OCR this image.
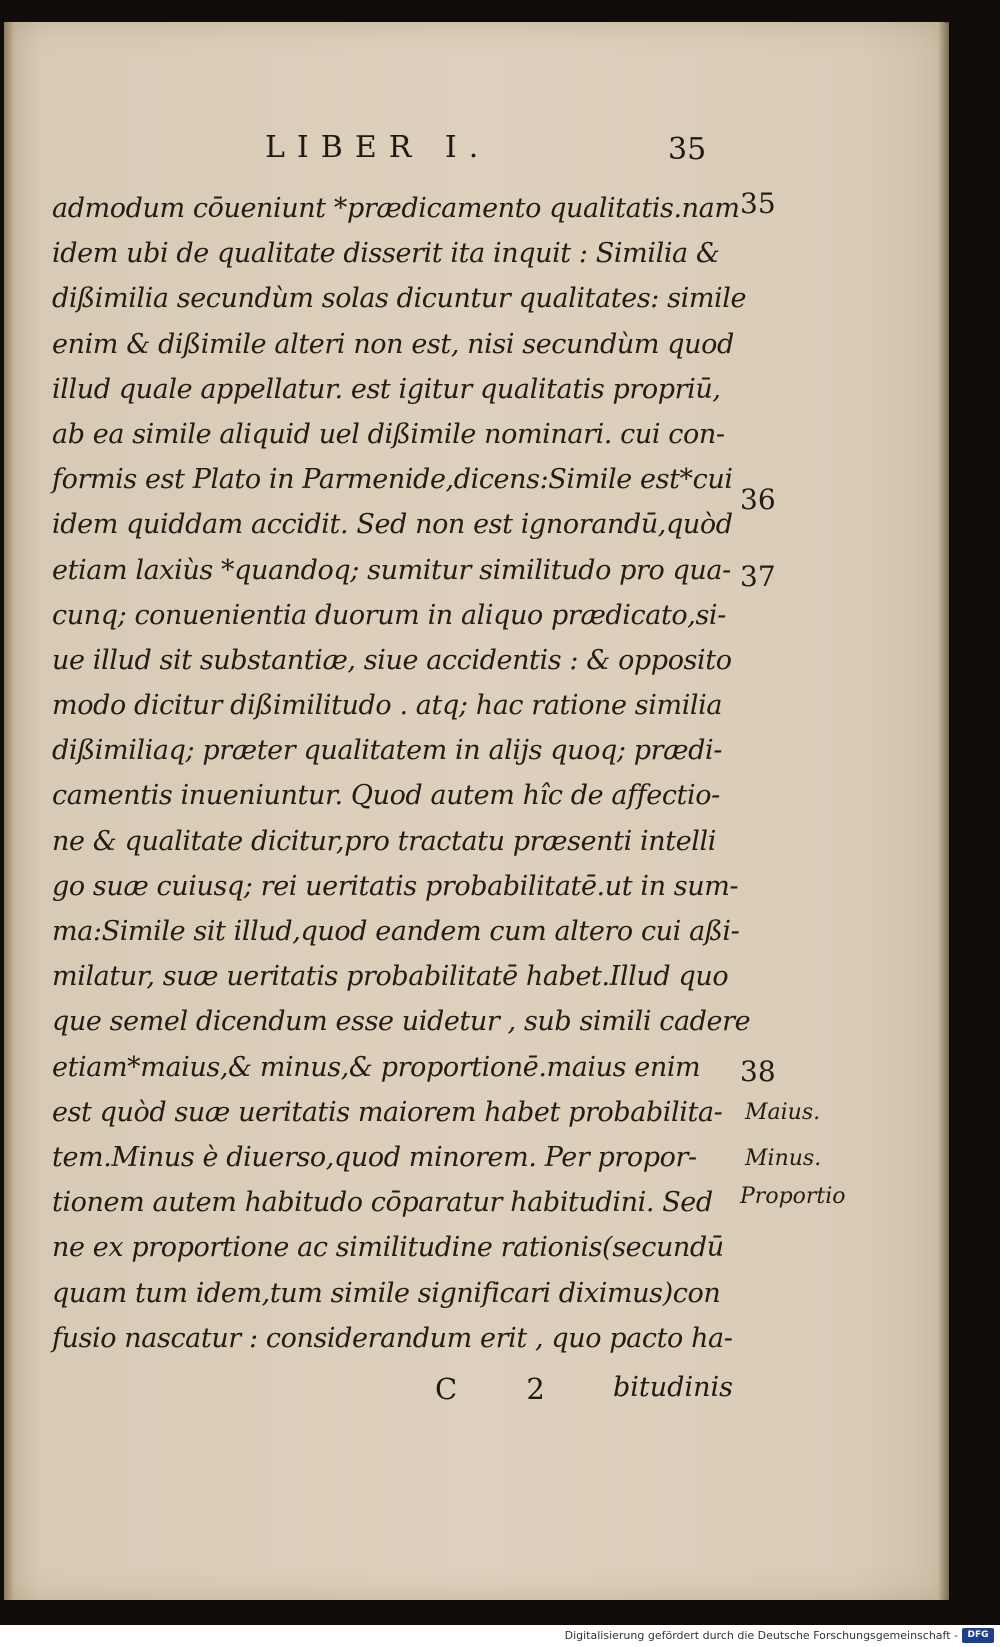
LIBER I.	35
admodum cōueniunt *prædicamento qualitatis.nam
idem ubi de qualitate disserit ita inquit : Similia &
dißimilia secundùm solas dicuntur qualitates: simile
enim & dißimile alteri non est, nisi secundùm quod
illud quale appellatur. est igitur qualitatis propriū,
ab ea simile aliquid uel dißimile nominari. cui con-
formis est Plato in Parmenide,dicens:Simile est*cui
idem quiddam accidit. Sed non est ignorandū,quòd
etiam laxiùs *quandoq; sumitur similitudo pro qua-
cunq; conuenientia duorum in aliquo prædicato,si-
ue illud sit substantiæ, siue accidentis : & opposito
modo dicitur dißimilitudo . atq; hac ratione similia
dißimiliaq; præter qualitatem in alijs quoq; prædi-
camentis inueniuntur. Quod autem hîc de affectio-
ne & qualitate dicitur,pro tractatu præsenti intelli
go suæ cuiusq; rei ueritatis probabilitatē.ut in sum-
ma:Simile sit illud,quod eandem cum altero cui aßi-
milatur, suæ ueritatis probabilitatē habet.Illud quo
que semel dicendum esse uidetur , sub simili cadere
etiam*maius,& minus,& proportionē.maius enim
est quòd suæ ueritatis maiorem habet probabilita-
tem.Minus è diuerso,quod minorem. Per propor-
tionem autem habitudo cōparatur habitudini. Sed
ne ex proportione ac similitudine rationis(secundū
quam tum idem,tum simile significari diximus)con
fusio nascatur : considerandum erit , quo pacto ha-
35
36
37
38
Maius.
Minus.
Proportio
C 2 bitudinis
Digitalisierung gefördert durch die Deutsche Forschungsgemeinschaft -	DFG
